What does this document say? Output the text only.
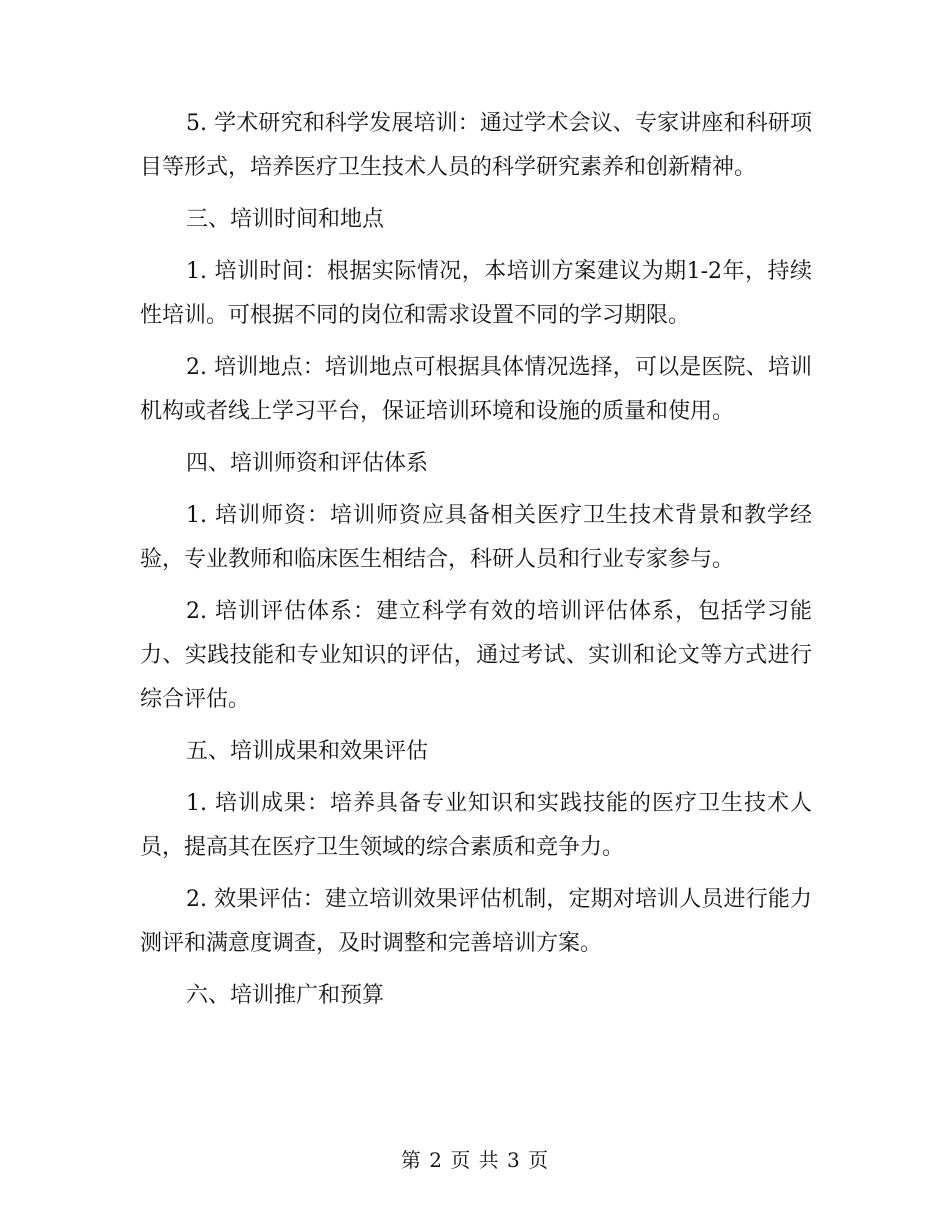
5. 学术研究和科学发展培训：通过学术会议、专家讲座和科研项目等形式，培养医疗卫生技术人员的科学研究素养和创新精神。

三、培训时间和地点

1. 培训时间：根据实际情况，本培训方案建议为期1-2年，持续性培训。可根据不同的岗位和需求设置不同的学习期限。

2. 培训地点：培训地点可根据具体情况选择，可以是医院、培训机构或者线上学习平台，保证培训环境和设施的质量和使用。

四、培训师资和评估体系

1. 培训师资：培训师资应具备相关医疗卫生技术背景和教学经验，专业教师和临床医生相结合，科研人员和行业专家参与。

2. 培训评估体系：建立科学有效的培训评估体系，包括学习能力、实践技能和专业知识的评估，通过考试、实训和论文等方式进行综合评估。

五、培训成果和效果评估

1. 培训成果：培养具备专业知识和实践技能的医疗卫生技术人员，提高其在医疗卫生领域的综合素质和竞争力。

2. 效果评估：建立培训效果评估机制，定期对培训人员进行能力测评和满意度调查，及时调整和完善培训方案。

六、培训推广和预算

第 2 页 共 3 页
